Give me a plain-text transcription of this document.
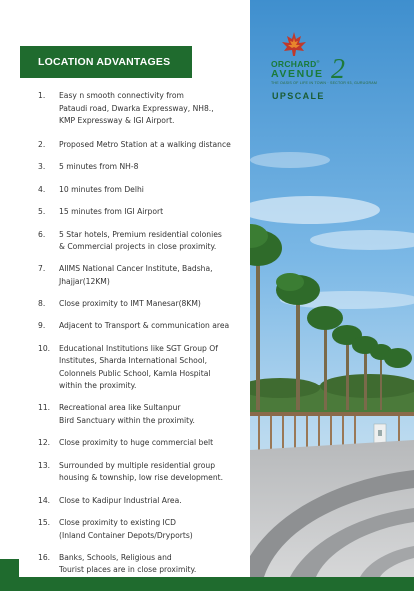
LOCATION ADVANTAGES
1. Easy n smooth connectivity from
Pataudi road, Dwarka Expressway, NH8.,
KMP Expressway & IGI Airport.
2. Proposed Metro Station at a walking distance
3. 5 minutes from NH-8
4. 10 minutes from Delhi
5. 15 minutes from IGI Airport
6. 5 Star hotels, Premium residential colonies
& Commercial projects in close proximity.
7. AIIMS National Cancer Institute, Badsha,
Jhajjar(12KM)
8. Close proximity to IMT Manesar(8KM)
9. Adjacent to Transport & communication area
10. Educational Institutions like SGT Group Of
Institutes, Sharda International School,
Colonnels Public School, Kamla Hospital
within the proximity.
11. Recreational area like Sultanpur
Bird Sanctuary within the proximity.
12. Close proximity to huge commercial belt
13. Surrounded by multiple residential group
housing & township, low rise development.
14. Close to Kadipur Industrial Area.
15. Close proximity to existing ICD
(Inland Container Depots/Dryports)
16. Banks, Schools, Religious and
Tourist places are in close proximity.
ORCHARD®
AVENUE 2
THE OASIS OF LIFE IN TOWN · SECTOR 93, GURUGRAM
UPSCALE
